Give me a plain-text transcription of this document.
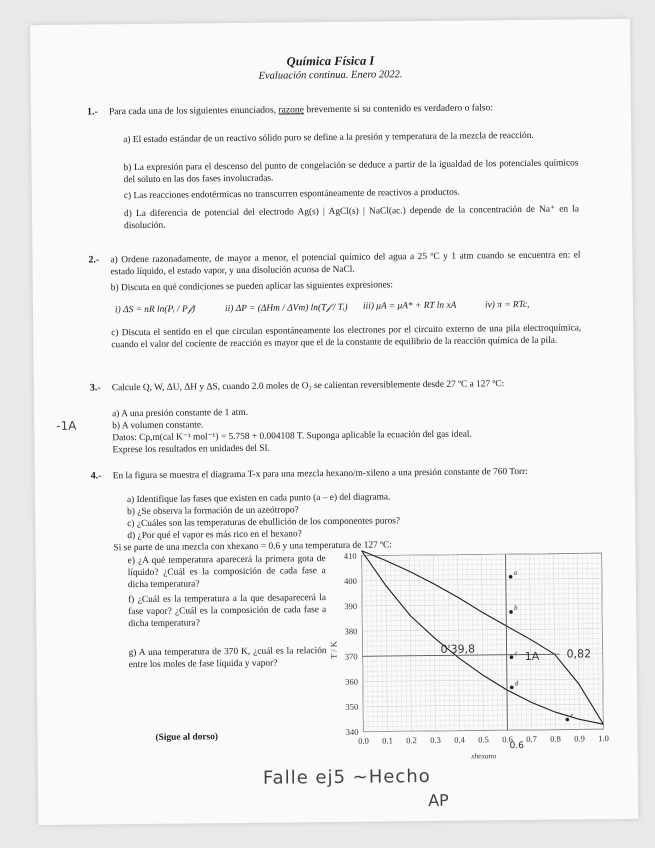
Química Física I
Evaluación continua. Enero 2022.
1.- Para cada una de los siguientes enunciados, razone brevemente si su contenido es verdadero o falso:
a) El estado estándar de un reactivo sólido puro se define a la presión y temperatura de la mezcla de reacción.
b) La expresión para el descenso del punto de congelación se deduce a partir de la igualdad de los potenciales químicos del soluto en las dos fases involucradas.
c) Las reacciones endotérmicas no transcurren espontáneamente de reactivos a productos.
d) La diferencia de potencial del electrodo Ag(s) | AgCl(s) | NaCl(ac.) depende de la concentración de Na⁺ en la disolución.
2.- a) Ordene razonadamente, de mayor a menor, el potencial químico del agua a 25 ºC y 1 atm cuando se encuentra en: el estado líquido, el estado vapor, y una disolución acuosa de NaCl.
b) Discuta en qué condiciones se pueden aplicar las siguientes expresiones:
i) ΔS = nR ln(Pᵢ / P𝒻)	ii) ΔP = (ΔHm / ΔVm) ln(T𝒻 / Tᵢ) iii) μA = μA* + RT ln xA	iv) π = RTc,
c) Discuta el sentido en el que circulan espontáneamente los electrones por el circuito externo de una pila electroquímica, cuando el valor del cociente de reacción es mayor que el de la constante de equilibrio de la reacción química de la pila.
3.- Calcule Q, W, ΔU, ΔH y ΔS, cuando 2.0 moles de O₂ se calientan reversiblemente desde 27 ºC a 127 ºC:
a) A una presión constante de 1 atm.
b) A volumen constante.
Datos: Cp,m(cal K⁻¹ mol⁻¹) = 5.758 + 0.004108 T. Suponga aplicable la ecuación del gas ideal.
Exprese los resultados en unidades del SI.
4.- En la figura se muestra el diagrama T-x para una mezcla hexano/m-xileno a una presión constante de 760 Torr:
a) Identifique las fases que existen en cada punto (a – e) del diagrama.
b) ¿Se observa la formación de un azeótropo?
c) ¿Cuáles son las temperaturas de ebullición de los componentes puros?
d) ¿Por qué el vapor es más rico en el hexano?
Si se parte de una mezcla con xhexano = 0.6 y una temperatura de 127 ºC:
e) ¿A qué temperatura aparecerá la primera gota de líquido? ¿Cuál es la composición de cada fase a dicha temperatura?
f) ¿Cuál es la temperatura a la que desaparecerá la fase vapor? ¿Cuál es la composición de cada fase a dicha temperatura?
g) A una temperatura de 370 K, ¿cuál es la relación entre los moles de fase líquida y vapor?
(Sigue al dorso)
-1A
340
350
360
370
380
390
400
410
0.0 0.1 0.2 0.3 0.4 0.5 0.6 0.7 0.8 0.9 1.0
a
b
c
d
e
T / K
xhexano
0'39,8
1A 0,82
0.6
Falle ej5 ~Hecho
AP
